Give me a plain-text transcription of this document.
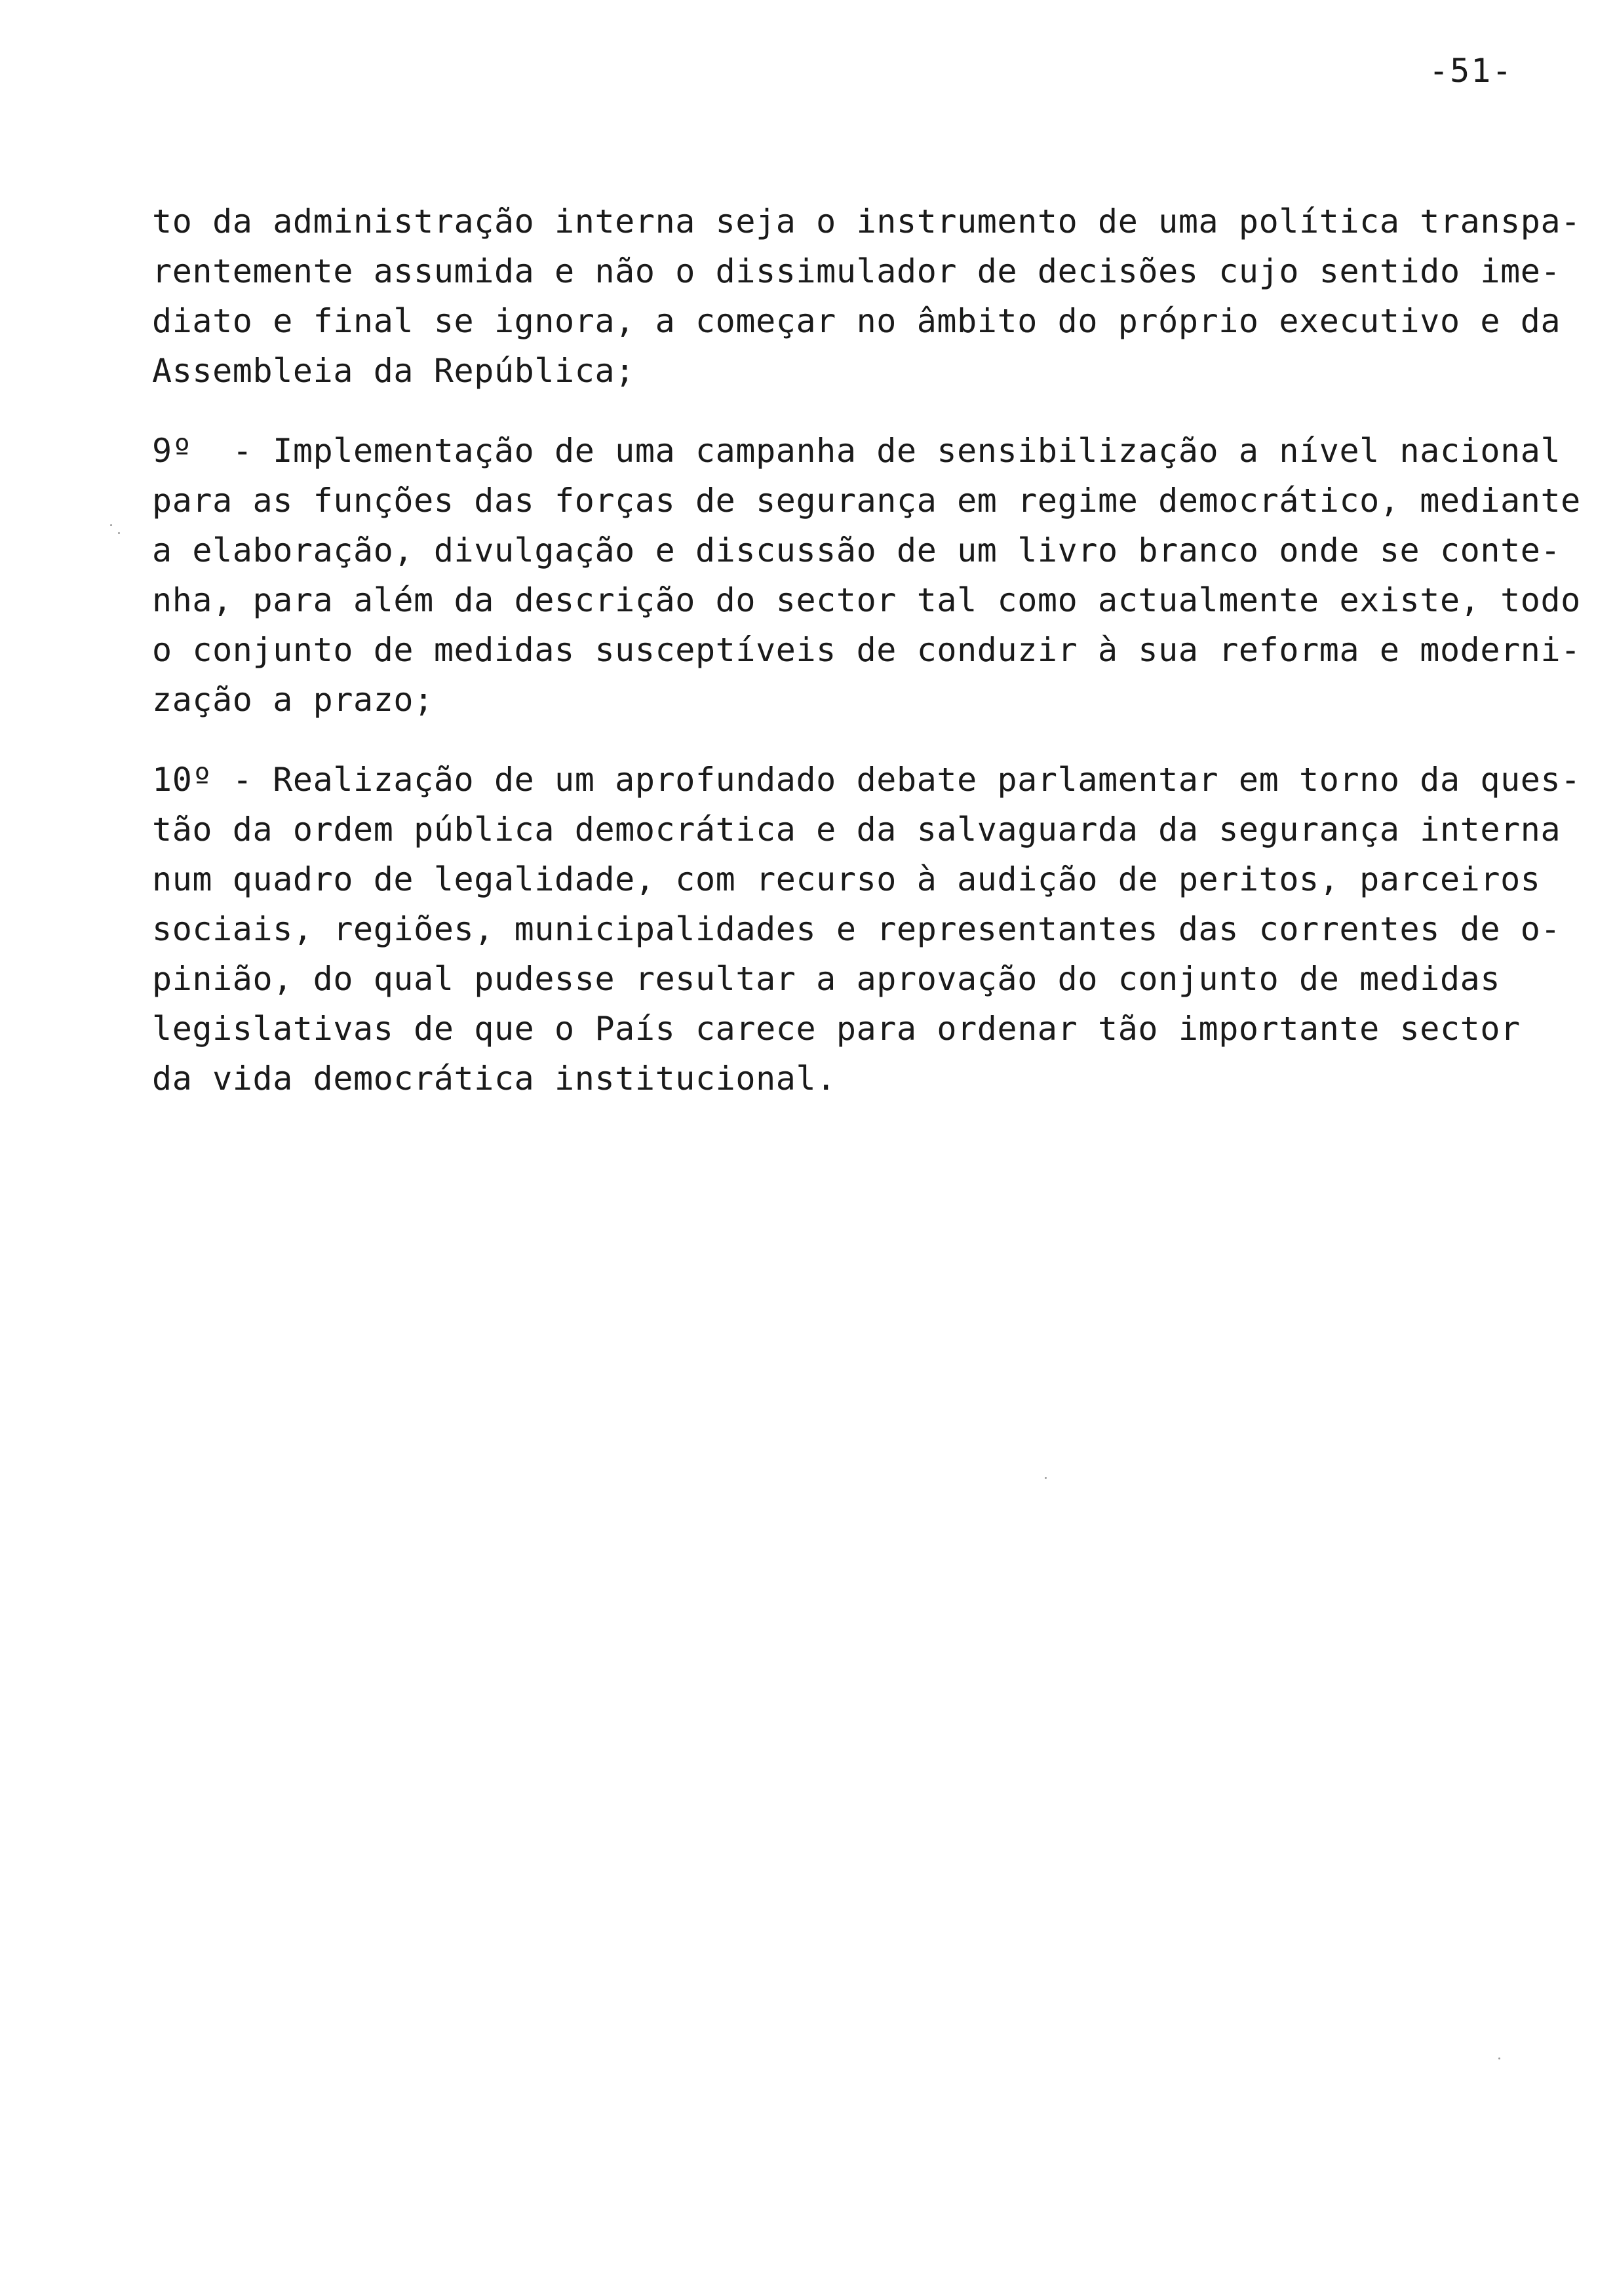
-51-
to da administração interna seja o instrumento de uma política transpa-
rentemente assumida e não o dissimulador de decisões cujo sentido ime-
diato e final se ignora, a começar no âmbito do próprio executivo e da
Assembleia da República;
9º  - Implementação de uma campanha de sensibilização a nível nacional
para as funções das forças de segurança em regime democrático, mediante
a elaboração, divulgação e discussão de um livro branco onde se conte-
nha, para além da descrição do sector tal como actualmente existe, todo
o conjunto de medidas susceptíveis de conduzir à sua reforma e moderni-
zação a prazo;
10º - Realização de um aprofundado debate parlamentar em torno da ques-
tão da ordem pública democrática e da salvaguarda da segurança interna
num quadro de legalidade, com recurso à audição de peritos, parceiros
sociais, regiões, municipalidades e representantes das correntes de o-
pinião, do qual pudesse resultar a aprovação do conjunto de medidas
legislativas de que o País carece para ordenar tão importante sector
da vida democrática institucional.
